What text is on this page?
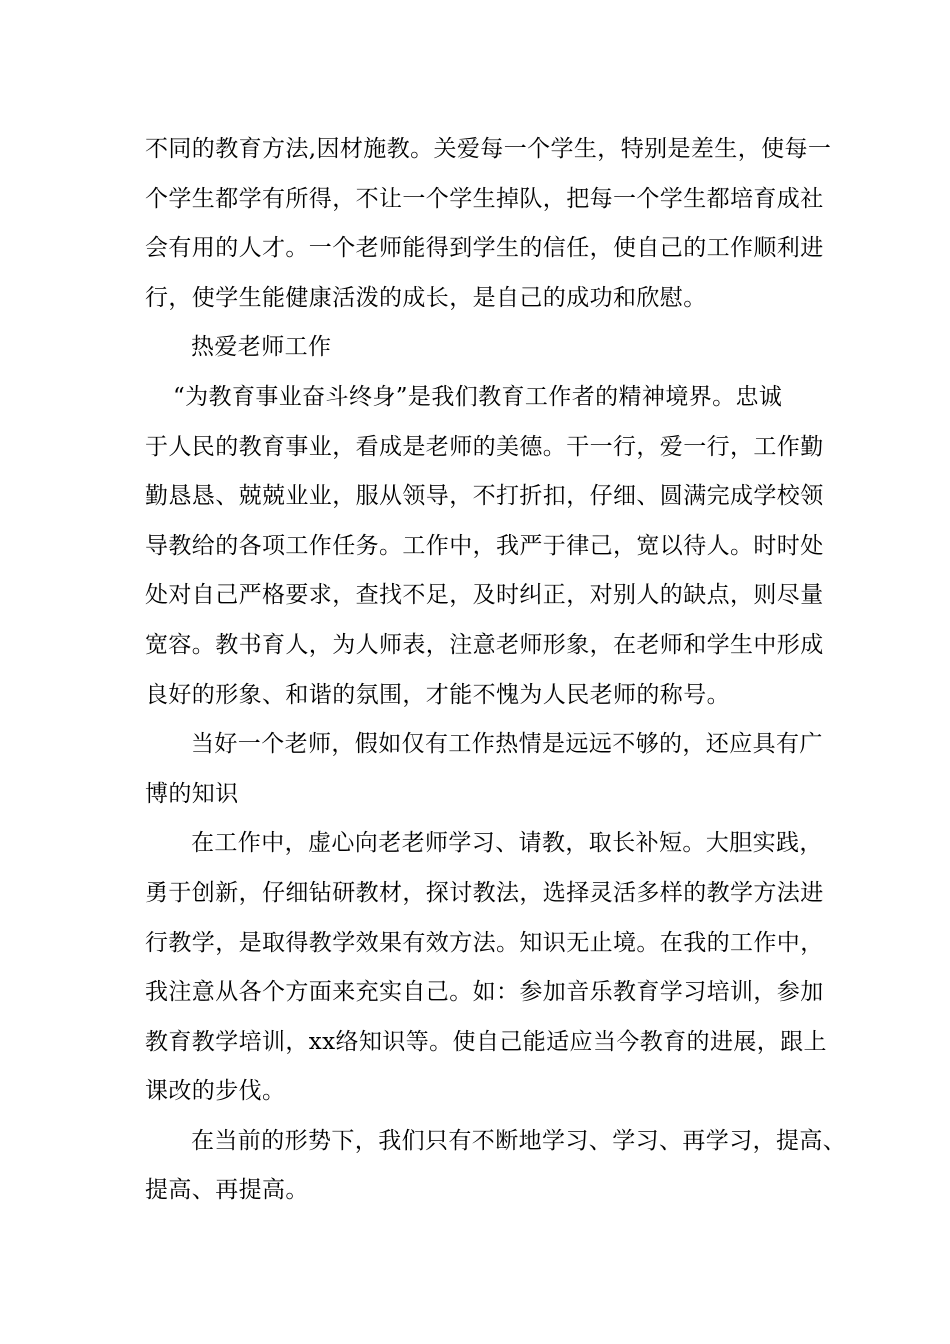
不同的教育方法,因材施教。关爱每一个学生，特别是差生，使每一
个学生都学有所得，不让一个学生掉队，把每一个学生都培育成社
会有用的人才。一个老师能得到学生的信任，使自己的工作顺利进
行，使学生能健康活泼的成长，是自己的成功和欣慰。
热爱老师工作
“为教育事业奋斗终身”是我们教育工作者的精神境界。忠诚
于人民的教育事业，看成是老师的美德。干一行，爱一行，工作勤
勤恳恳、兢兢业业，服从领导，不打折扣，仔细、圆满完成学校领
导教给的各项工作任务。工作中，我严于律己，宽以待人。时时处
处对自己严格要求，查找不足，及时纠正，对别人的缺点，则尽量
宽容。教书育人，为人师表，注意老师形象，在老师和学生中形成
良好的形象、和谐的氛围，才能不愧为人民老师的称号。
当好一个老师，假如仅有工作热情是远远不够的，还应具有广
博的知识
在工作中，虚心向老老师学习、请教，取长补短。大胆实践，
勇于创新，仔细钻研教材，探讨教法，选择灵活多样的教学方法进
行教学，是取得教学效果有效方法。知识无止境。在我的工作中，
我注意从各个方面来充实自己。如：参加音乐教育学习培训，参加
教育教学培训，xx络知识等。使自己能适应当今教育的进展，跟上
课改的步伐。
在当前的形势下，我们只有不断地学习、学习、再学习，提高、
提高、再提高。
